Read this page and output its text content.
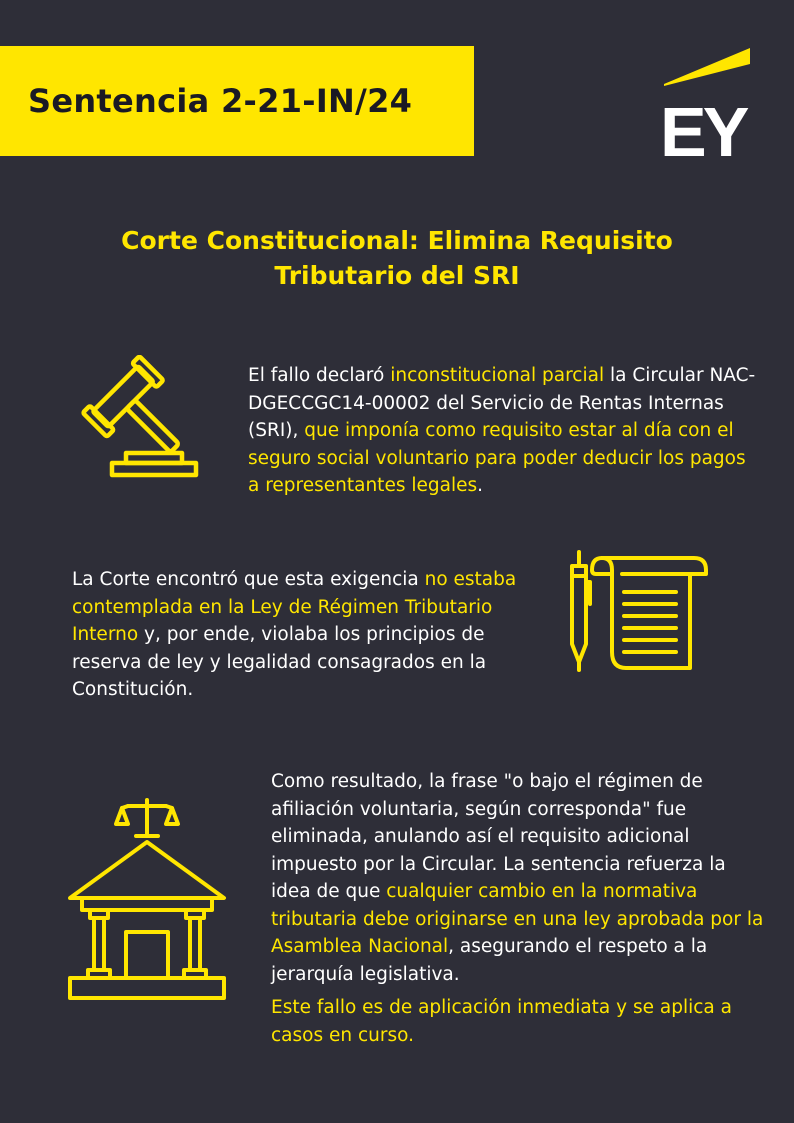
Sentencia 2-21-IN/24	EY
Corte Constitucional: Elimina Requisito
Tributario del SRI
El fallo declaró inconstitucional parcial la Circular NAC-DGECCGC14-00002 del Servicio de Rentas Internas (SRI), que imponía como requisito estar al día con el seguro social voluntario para poder deducir los pagos a representantes legales.
La Corte encontró que esta exigencia no estaba contemplada en la Ley de Régimen Tributario Interno y, por ende, violaba los principios de reserva de ley y legalidad consagrados en la Constitución.
Como resultado, la frase "o bajo el régimen de afiliación voluntaria, según corresponda" fue eliminada, anulando así el requisito adicional impuesto por la Circular. La sentencia refuerza la idea de que cualquier cambio en la normativa tributaria debe originarse en una ley aprobada por la Asamblea Nacional, asegurando el respeto a la jerarquía legislativa.
Este fallo es de aplicación inmediata y se aplica a casos en curso.
